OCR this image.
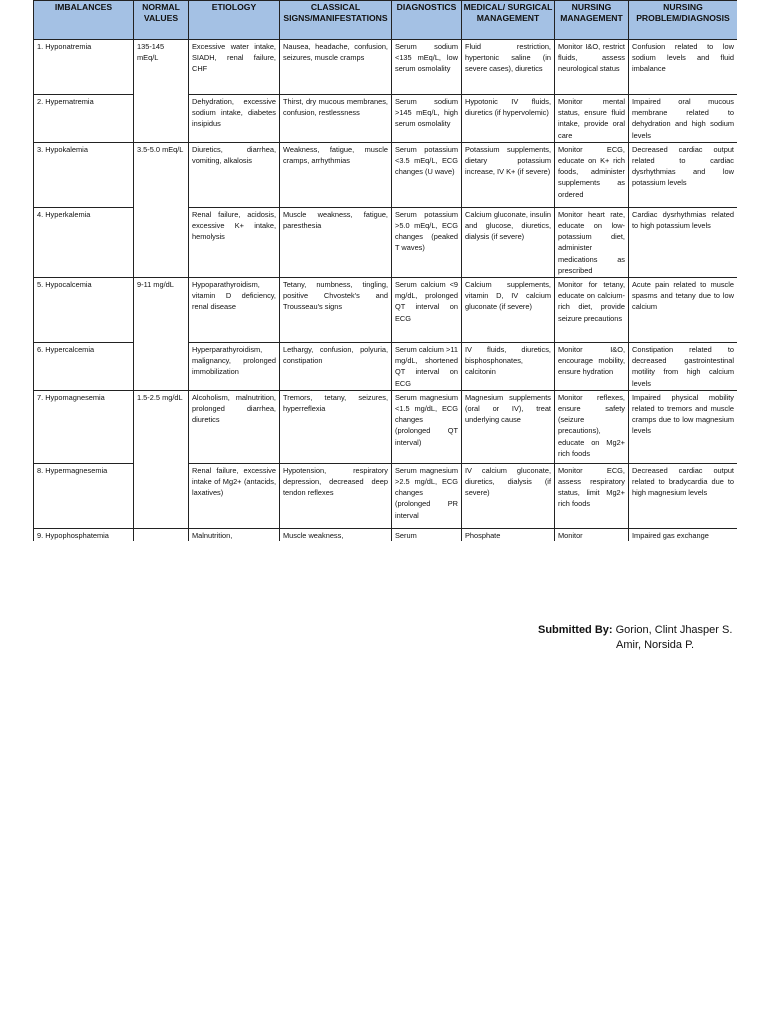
IMBALANCES	NORMAL VALUES	ETIOLOGY	CLASSICAL SIGNS/MANIFESTATIONS	DIAGNOSTICS	MEDICAL/ SURGICAL MANAGEMENT	NURSING MANAGEMENT	NURSING PROBLEM/DIAGNOSIS
1. Hyponatremia	135-145 mEq/L	Excessive water intake, SIADH, renal failure, CHF	Nausea, headache, confusion, seizures, muscle cramps	Serum sodium <135 mEq/L, low serum osmolality	Fluid restriction, hypertonic saline (in severe cases), diuretics	Monitor I&O, restrict fluids, assess neurological status	Confusion related to low sodium levels and fluid imbalance
2. Hypernatremia		Dehydration, excessive sodium intake, diabetes insipidus	Thirst, dry mucous membranes, confusion, restlessness	Serum sodium >145 mEq/L, high serum osmolality	Hypotonic IV fluids, diuretics (if hypervolemic)	Monitor mental status, ensure fluid intake, provide oral care	Impaired oral mucous membrane related to dehydration and high sodium levels
3. Hypokalemia	3.5-5.0 mEq/L	Diuretics, diarrhea, vomiting, alkalosis	Weakness, fatigue, muscle cramps, arrhythmias	Serum potassium <3.5 mEq/L, ECG changes (U wave)	Potassium supplements, dietary potassium increase, IV K+ (if severe)	Monitor ECG, educate on K+ rich foods, administer supplements as ordered	Decreased cardiac output related to cardiac dysrhythmias and low potassium levels
4. Hyperkalemia		Renal failure, acidosis, excessive K+ intake, hemolysis	Muscle weakness, fatigue, paresthesia	Serum potassium >5.0 mEq/L, ECG changes (peaked T waves)	Calcium gluconate, insulin and glucose, diuretics, dialysis (if severe)	Monitor heart rate, educate on low-potassium diet, administer medications as prescribed	Cardiac dysrhythmias related to high potassium levels
5. Hypocalcemia	9-11 mg/dL	Hypoparathyroidism, vitamin D deficiency, renal disease	Tetany, numbness, tingling, positive Chvostek's and Trousseau's signs	Serum calcium <9 mg/dL, prolonged QT interval on ECG	Calcium supplements, vitamin D, IV calcium gluconate (if severe)	Monitor for tetany, educate on calcium-rich diet, provide seizure precautions	Acute pain related to muscle spasms and tetany due to low calcium
6. Hypercalcemia		Hyperparathyroidism, malignancy, prolonged immobilization	Lethargy, confusion, polyuria, constipation	Serum calcium >11 mg/dL, shortened QT interval on ECG	IV fluids, diuretics, bisphosphonates, calcitonin	Monitor I&O, encourage mobility, ensure hydration	Constipation related to decreased gastrointestinal motility from high calcium levels
7. Hypomagnesemia	1.5-2.5 mg/dL	Alcoholism, malnutrition, prolonged diarrhea, diuretics	Tremors, tetany, seizures, hyperreflexia	Serum magnesium <1.5 mg/dL, ECG changes (prolonged QT interval)	Magnesium supplements (oral or IV), treat underlying cause	Monitor reflexes, ensure safety (seizure precautions), educate on Mg2+ rich foods	Impaired physical mobility related to tremors and muscle cramps due to low magnesium levels
8. Hypermagnesemia		Renal failure, excessive intake of Mg2+ (antacids, laxatives)	Hypotension, respiratory depression, decreased deep tendon reflexes	Serum magnesium >2.5 mg/dL, ECG changes (prolonged PR interval	IV calcium gluconate, diuretics, dialysis (if severe)	Monitor ECG, assess respiratory status, limit Mg2+ rich foods	Decreased cardiac output related to bradycardia due to high magnesium levels
9. Hypophosphatemia		Malnutrition,	Muscle weakness,	Serum	Phosphate	Monitor	Impaired gas exchange
Submitted By: Gorion, Clint Jhasper S.
Amir, Norsida P.
